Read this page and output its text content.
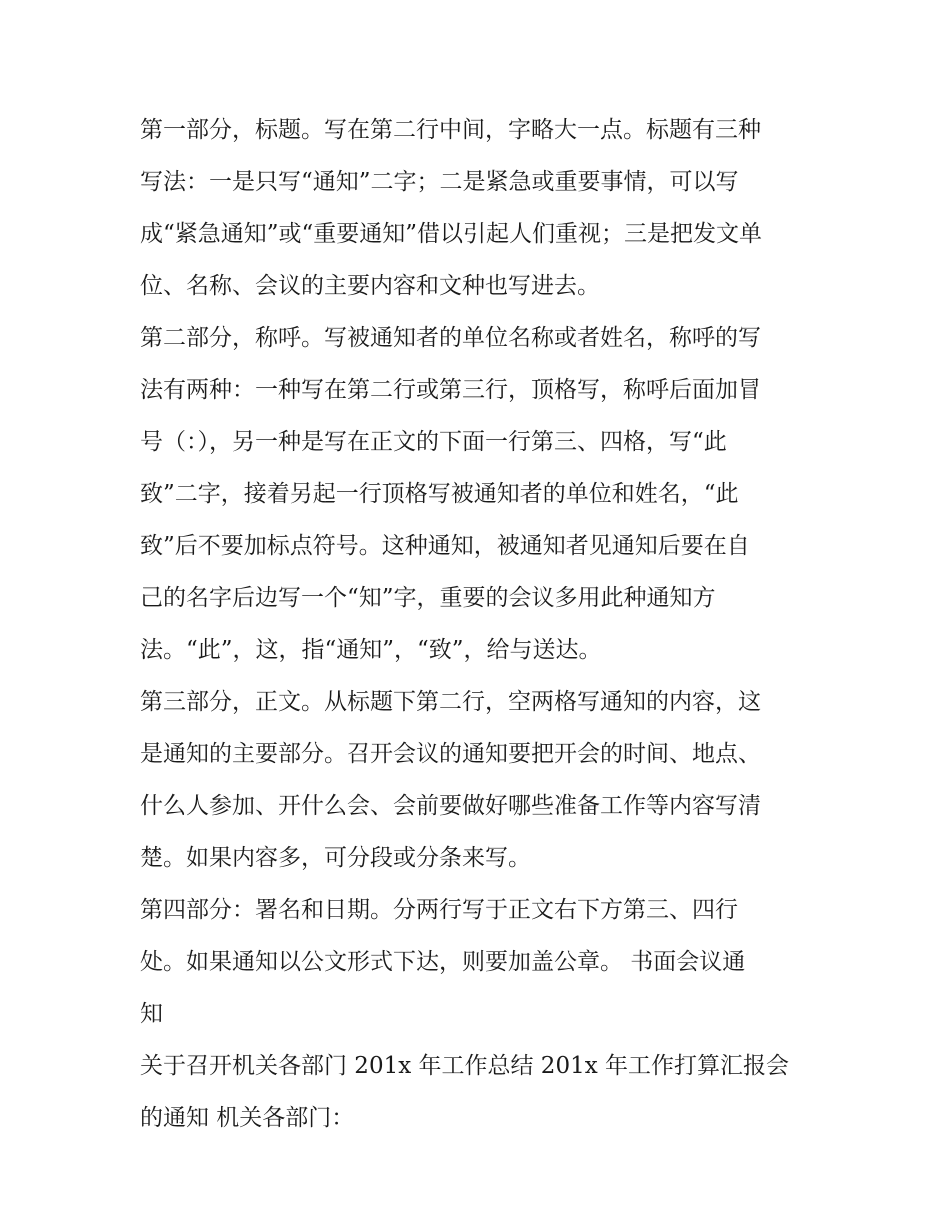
第一部分，标题。写在第二行中间，字略大一点。标题有三种
写法：一是只写“通知”二字；二是紧急或重要事情，可以写
成“紧急通知”或“重要通知”借以引起人们重视；三是把发文单
位、名称、会议的主要内容和文种也写进去。
第二部分，称呼。写被通知者的单位名称或者姓名，称呼的写
法有两种：一种写在第二行或第三行，顶格写，称呼后面加冒
号（：），另一种是写在正文的下面一行第三、四格，写“此
致”二字，接着另起一行顶格写被通知者的单位和姓名，“此
致”后不要加标点符号。这种通知，被通知者见通知后要在自
己的名字后边写一个“知”字，重要的会议多用此种通知方
法。“此”，这，指“通知”，“致”，给与送达。
第三部分，正文。从标题下第二行，空两格写通知的内容，这
是通知的主要部分。召开会议的通知要把开会的时间、地点、
什么人参加、开什么会、会前要做好哪些准备工作等内容写清
楚。如果内容多，可分段或分条来写。
第四部分：署名和日期。分两行写于正文右下方第三、四行
处。如果通知以公文形式下达，则要加盖公章。 书面会议通
知
关于召开机关各部门 201x 年工作总结 201x 年工作打算汇报会
的通知 机关各部门：
